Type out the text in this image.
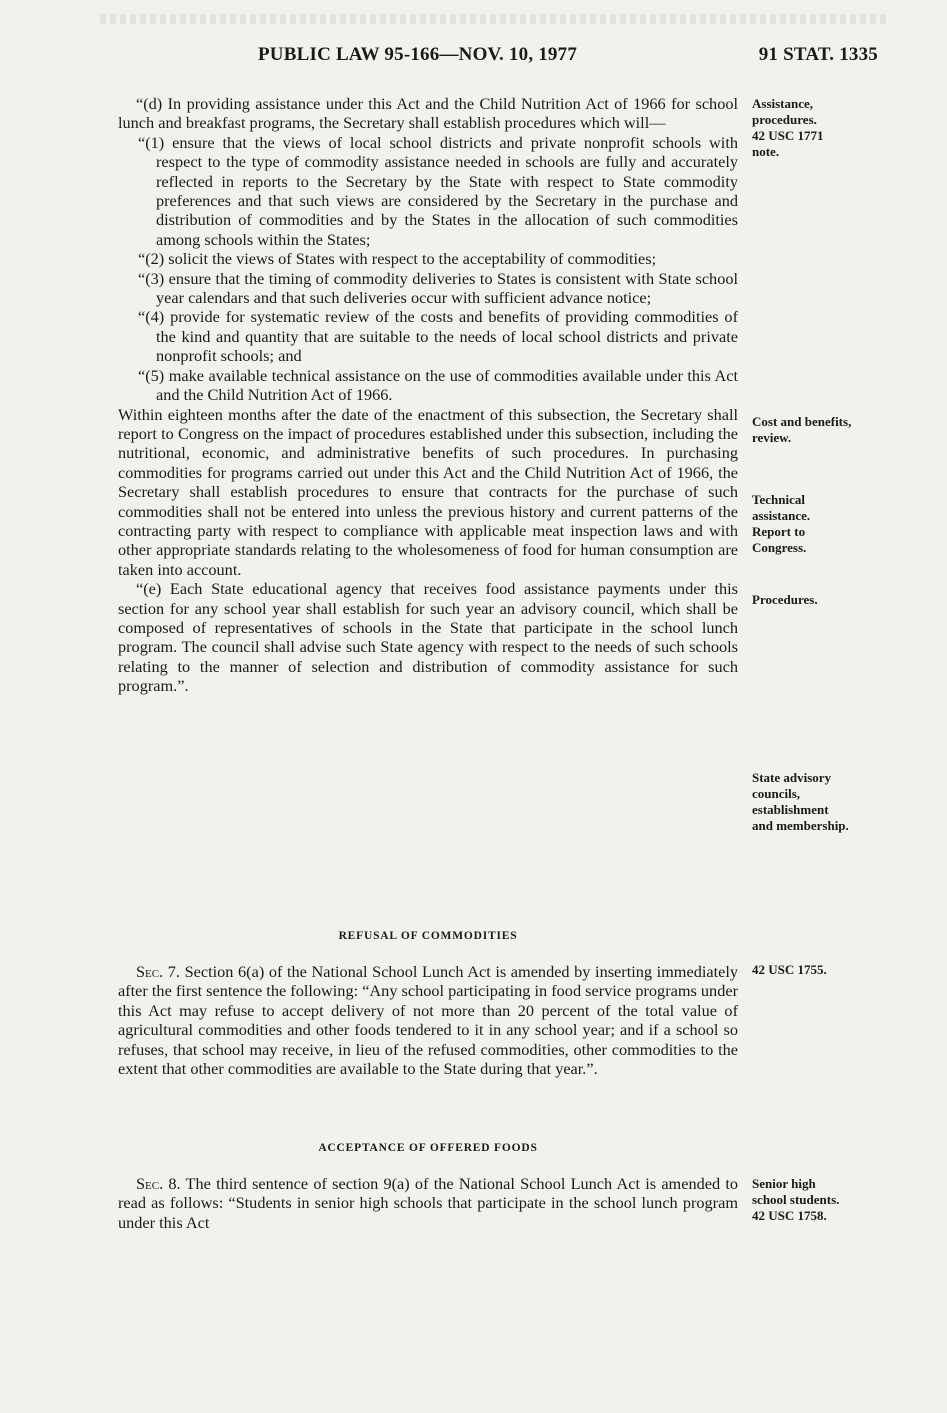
PUBLIC LAW 95-166—NOV. 10, 1977	91 STAT. 1335

“(d) In providing assistance under this Act and the Child Nutrition Act of 1966 for school lunch and breakfast programs, the Secretary shall establish procedures which will—

“(1) ensure that the views of local school districts and private nonprofit schools with respect to the type of commodity assistance needed in schools are fully and accurately reflected in reports to the Secretary by the State with respect to State commodity preferences and that such views are considered by the Secretary in the purchase and distribution of commodities and by the States in the allocation of such commodities among schools within the States;

“(2) solicit the views of States with respect to the acceptability of commodities;

“(3) ensure that the timing of commodity deliveries to States is consistent with State school year calendars and that such deliveries occur with sufficient advance notice;

“(4) provide for systematic review of the costs and benefits of providing commodities of the kind and quantity that are suitable to the needs of local school districts and private nonprofit schools; and

“(5) make available technical assistance on the use of commodities available under this Act and the Child Nutrition Act of 1966.

Within eighteen months after the date of the enactment of this subsection, the Secretary shall report to Congress on the impact of procedures established under this subsection, including the nutritional, economic, and administrative benefits of such procedures. In purchasing commodities for programs carried out under this Act and the Child Nutrition Act of 1966, the Secretary shall establish procedures to ensure that contracts for the purchase of such commodities shall not be entered into unless the previous history and current patterns of the contracting party with respect to compliance with applicable meat inspection laws and with other appropriate standards relating to the wholesomeness of food for human consumption are taken into account.

“(e) Each State educational agency that receives food assistance payments under this section for any school year shall establish for such year an advisory council, which shall be composed of representatives of schools in the State that participate in the school lunch program. The council shall advise such State agency with respect to the needs of such schools relating to the manner of selection and distribution of commodity assistance for such program.”.

REFUSAL OF COMMODITIES

Sec. 7. Section 6(a) of the National School Lunch Act is amended by inserting immediately after the first sentence the following: “Any school participating in food service programs under this Act may refuse to accept delivery of not more than 20 percent of the total value of agricultural commodities and other foods tendered to it in any school year; and if a school so refuses, that school may receive, in lieu of the refused commodities, other commodities to the extent that other commodities are available to the State during that year.”.

ACCEPTANCE OF OFFERED FOODS

Sec. 8. The third sentence of section 9(a) of the National School Lunch Act is amended to read as follows: “Students in senior high schools that participate in the school lunch program under this Act

Assistance,
procedures.
42 USC 1771
note.
Cost and benefits,
review.
Technical
assistance.
Report to
Congress.
Procedures.
State advisory
councils,
establishment
and membership.
42 USC 1755.
Senior high
school students.
42 USC 1758.
